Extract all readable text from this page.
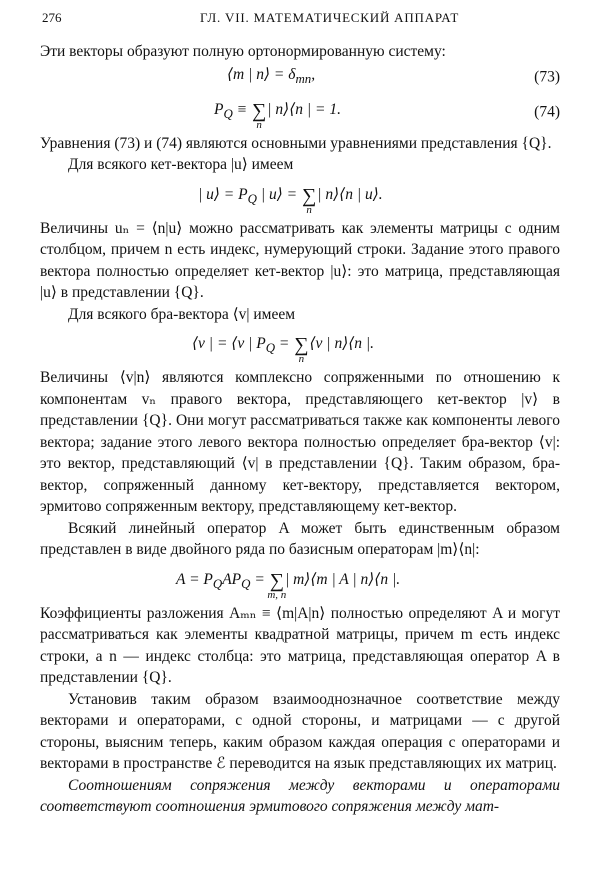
276	ГЛ. VII. МАТЕМАТИЧЕСКИЙ АППАРАТ

Эти векторы образуют полную ортонормированную систему:

⟨m | n⟩ = $\delta_{mn}$,	(73)
$P_Q$ ≡ ∑
n
| n⟩⟨n | = 1.	(74)

Уравнения (73) и (74) являются основными уравнениями представления {Q}.

Для всякого кет-вектора |u⟩ имеем

| u⟩ = $P_Q$ | u⟩ = ∑
n
| n⟩⟨n | u⟩.

Величины uₙ = ⟨n|u⟩ можно рассматривать как элементы матрицы с одним столбцом, причем n есть индекс, нумерующий строки. Задание этого правого вектора полностью определяет кет-вектор |u⟩: это матрица, представляющая |u⟩ в представлении {Q}.

Для всякого бра-вектора ⟨v| имеем

⟨v | = ⟨v | $P_Q$ = ∑
n
⟨v | n⟩⟨n |.

Величины ⟨v|n⟩ являются комплексно сопряженными по отношению к компонентам vₙ правого вектора, представляющего кет-вектор |v⟩ в представлении {Q}. Они могут рассматриваться также как компоненты левого вектора; задание этого левого вектора полностью определяет бра-вектор ⟨v|: это вектор, представляющий ⟨v| в представлении {Q}. Таким образом, бра-вектор, сопряженный данному кет-вектору, представляется вектором, эрмитово сопряженным вектору, представляющему кет-вектор.

Всякий линейный оператор A может быть единственным образом представлен в виде двойного ряда по базисным операторам |m⟩⟨n|:

$A = P_QAP_Q$ = ∑
m, n
| m⟩⟨m | A | n⟩⟨n |.

Коэффициенты разложения Aₘₙ ≡ ⟨m|A|n⟩ полностью определяют A и могут рассматриваться как элементы квадратной матрицы, причем m есть индекс строки, а n — индекс столбца: это матрица, представляющая оператор A в представлении {Q}.

Установив таким образом взаимооднозначное соответствие между векторами и операторами, с одной стороны, и матрицами — с другой стороны, выясним теперь, каким образом каждая операция с операторами и векторами в пространстве ℰ переводится на язык представляющих их матриц.

Соотношениям сопряжения между векторами и операторами соответствуют соотношения эрмитового сопряжения между мат-
